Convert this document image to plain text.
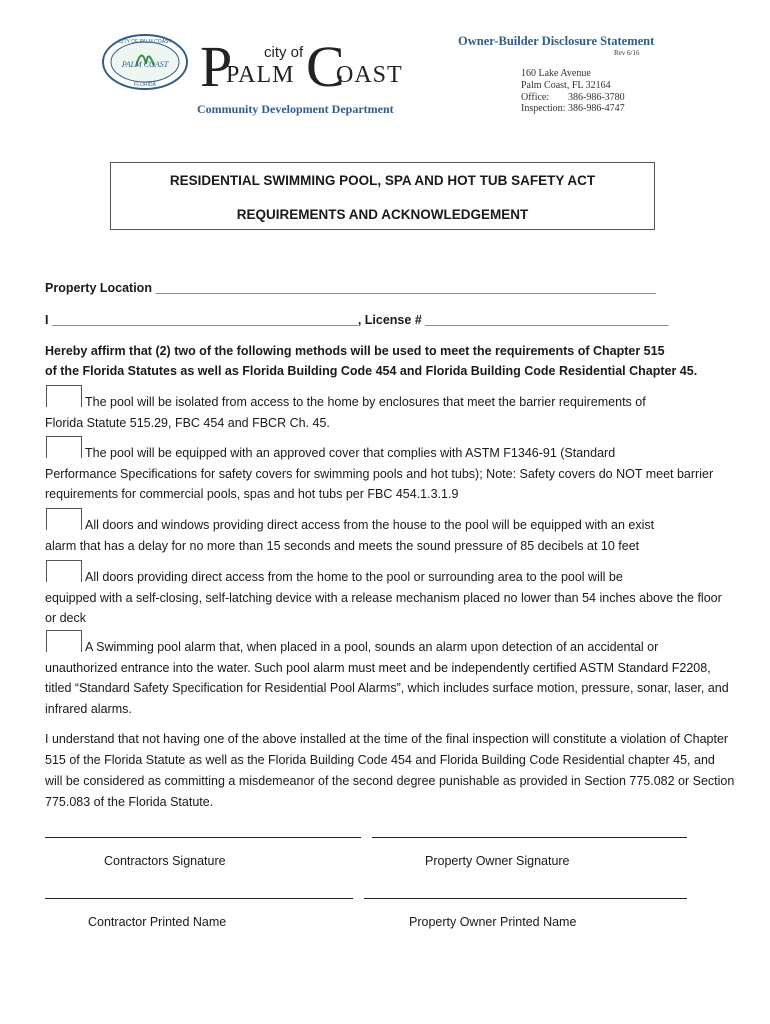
PALM COAST
CITY OF PALM COAST
FLORIDA P city of
PALM C
OAST
Community Development Department
Owner-Builder Disclosure Statement
Rev 6/16
160 Lake Avenue
Palm Coast, FL 32164
Office: 386-986-3780
Inspection: 386-986-4747
RESIDENTIAL SWIMMING POOL, SPA AND HOT TUB SAFETY ACT
REQUIREMENTS AND ACKNOWLEDGEMENT
Property Location ________________________________________________________________________
I ____________________________________________, License # ___________________________________
Hereby affirm that (2) two of the following methods will be used to meet the requirements of Chapter 515
of the Florida Statutes as well as Florida Building Code 454 and Florida Building Code Residential Chapter 45.
The pool will be isolated from access to the home by enclosures that meet the barrier requirements of
Florida Statute 515.29, FBC 454 and FBCR Ch. 45.
The pool will be equipped with an approved cover that complies with ASTM F1346-91 (Standard
Performance Specifications for safety covers for swimming pools and hot tubs); Note: Safety covers do NOT meet barrier requirements for commercial pools, spas and hot tubs per FBC 454.1.3.1.9
All doors and windows providing direct access from the house to the pool will be equipped with an exist
alarm that has a delay for no more than 15 seconds and meets the sound pressure of 85 decibels at 10 feet
All doors providing direct access from the home to the pool or surrounding area to the pool will be
equipped with a self-closing, self-latching device with a release mechanism placed no lower than 54 inches above the floor or deck
A Swimming pool alarm that, when placed in a pool, sounds an alarm upon detection of an accidental or
unauthorized entrance into the water. Such pool alarm must meet and be independently certified ASTM Standard F2208, titled “Standard Safety Specification for Residential Pool Alarms”, which includes surface motion, pressure, sonar, laser, and infrared alarms.
I understand that not having one of the above installed at the time of the final inspection will constitute a violation of Chapter 515 of the Florida Statute as well as the Florida Building Code 454 and Florida Building Code Residential chapter 45, and will be considered as committing a misdemeanor of the second degree punishable as provided in Section 775.082 or Section 775.083 of the Florida Statute.
Contractors Signature	Property Owner Signature
Contractor Printed Name	Property Owner Printed Name
